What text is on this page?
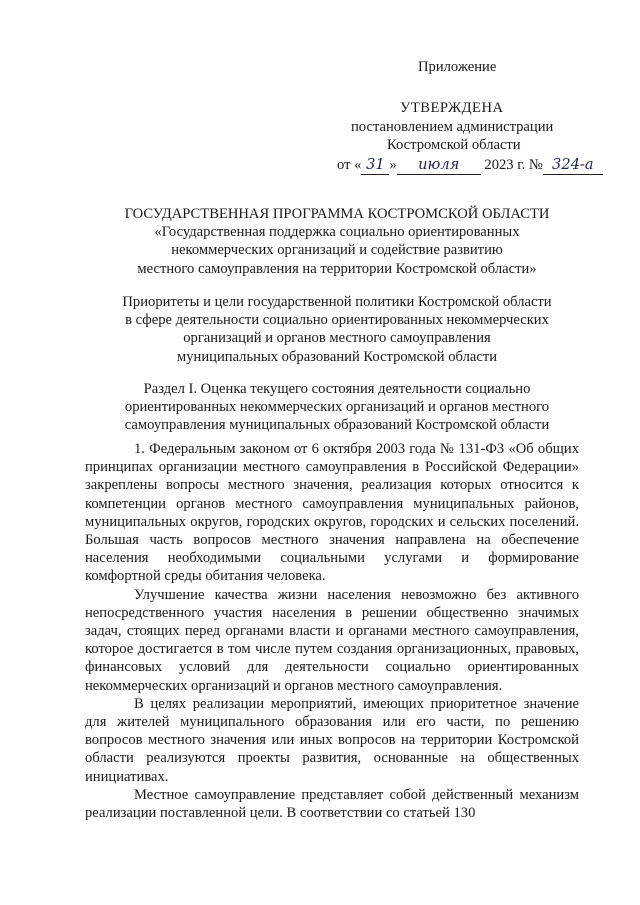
Приложение
УТВЕРЖДЕНА
постановлением администрации
Костромской области
от « 31 » июля 2023 г. № 324-а
ГОСУДАРСТВЕННАЯ ПРОГРАММА КОСТРОМСКОЙ ОБЛАСТИ
«Государственная поддержка социально ориентированных
некоммерческих организаций и содействие развитию
местного самоуправления на территории Костромской области»
Приоритеты и цели государственной политики Костромской области
в сфере деятельности социально ориентированных некоммерческих
организаций и органов местного самоуправления
муниципальных образований Костромской области
Раздел I. Оценка текущего состояния деятельности социально
ориентированных некоммерческих организаций и органов местного
самоуправления муниципальных образований Костромской области

1. Федеральным законом от 6 октября 2003 года № 131-ФЗ «Об общих принципах организации местного самоуправления в Российской Федерации» закреплены вопросы местного значения, реализация которых относится к компетенции органов местного самоуправления муниципальных районов, муниципальных округов, городских округов, городских и сельских поселений. Большая часть вопросов местного значения направлена на обеспечение населения необходимыми социальными услугами и формирование комфортной среды обитания человека.

Улучшение качества жизни населения невозможно без активного непосредственного участия населения в решении общественно значимых задач, стоящих перед органами власти и органами местного самоуправления, которое достигается в том числе путем создания организационных, правовых, финансовых условий для деятельности социально ориентированных некоммерческих организаций и органов местного самоуправления.

В целях реализации мероприятий, имеющих приоритетное значение для жителей муниципального образования или его части, по решению вопросов местного значения или иных вопросов на территории Костромской области реализуются проекты развития, основанные на общественных инициативах.

Местное самоуправление представляет собой действенный механизм реализации поставленной цели. В соответствии со статьей 130
